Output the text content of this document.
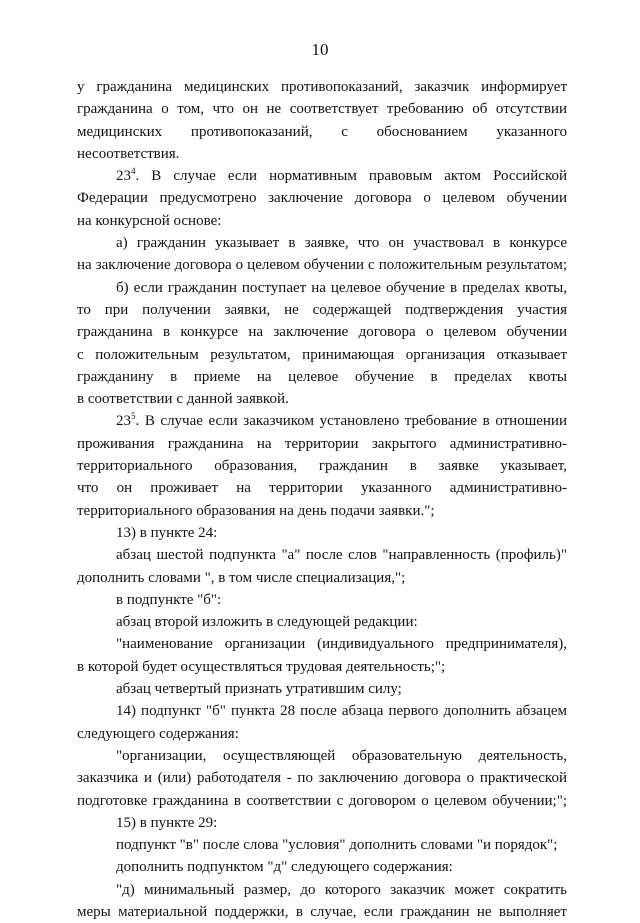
10
у гражданина медицинских противопоказаний, заказчик информирует
гражданина о том, что он не соответствует требованию об отсутствии
медицинских противопоказаний, с обоснованием указанного
несоответствия.
$23^4$. В случае если нормативным правовым актом Российской
Федерации предусмотрено заключение договора о целевом обучении
на конкурсной основе:
а) гражданин указывает в заявке, что он участвовал в конкурсе
на заключение договора о целевом обучении с положительным результатом;
б) если гражданин поступает на целевое обучение в пределах квоты,
то при получении заявки, не содержащей подтверждения участия
гражданина в конкурсе на заключение договора о целевом обучении
с положительным результатом, принимающая организация отказывает
гражданину в приеме на целевое обучение в пределах квоты
в соответствии с данной заявкой.
$23^5$. В случае если заказчиком установлено требование в отношении
проживания гражданина на территории закрытого административно-
территориального образования, гражданин в заявке указывает,
что он проживает на территории указанного административно-
территориального образования на день подачи заявки.";
13) в пункте 24:
абзац шестой подпункта "а" после слов "направленность (профиль)"
дополнить словами ", в том числе специализация,";
в подпункте "б":
абзац второй изложить в следующей редакции:
"наименование организации (индивидуального предпринимателя),
в которой будет осуществляться трудовая деятельность;";
абзац четвертый признать утратившим силу;
14) подпункт "б" пункта 28 после абзаца первого дополнить абзацем
следующего содержания:
"организации, осуществляющей образовательную деятельность,
заказчика и (или) работодателя - по заключению договора о практической
подготовке гражданина в соответствии с договором о целевом обучении;";
15) в пункте 29:
подпункт "в" после слова "условия" дополнить словами "и порядок";
дополнить подпунктом "д" следующего содержания:
"д) минимальный размер, до которого заказчик может сократить
меры материальной поддержки, в случае, если гражданин не выполняет
